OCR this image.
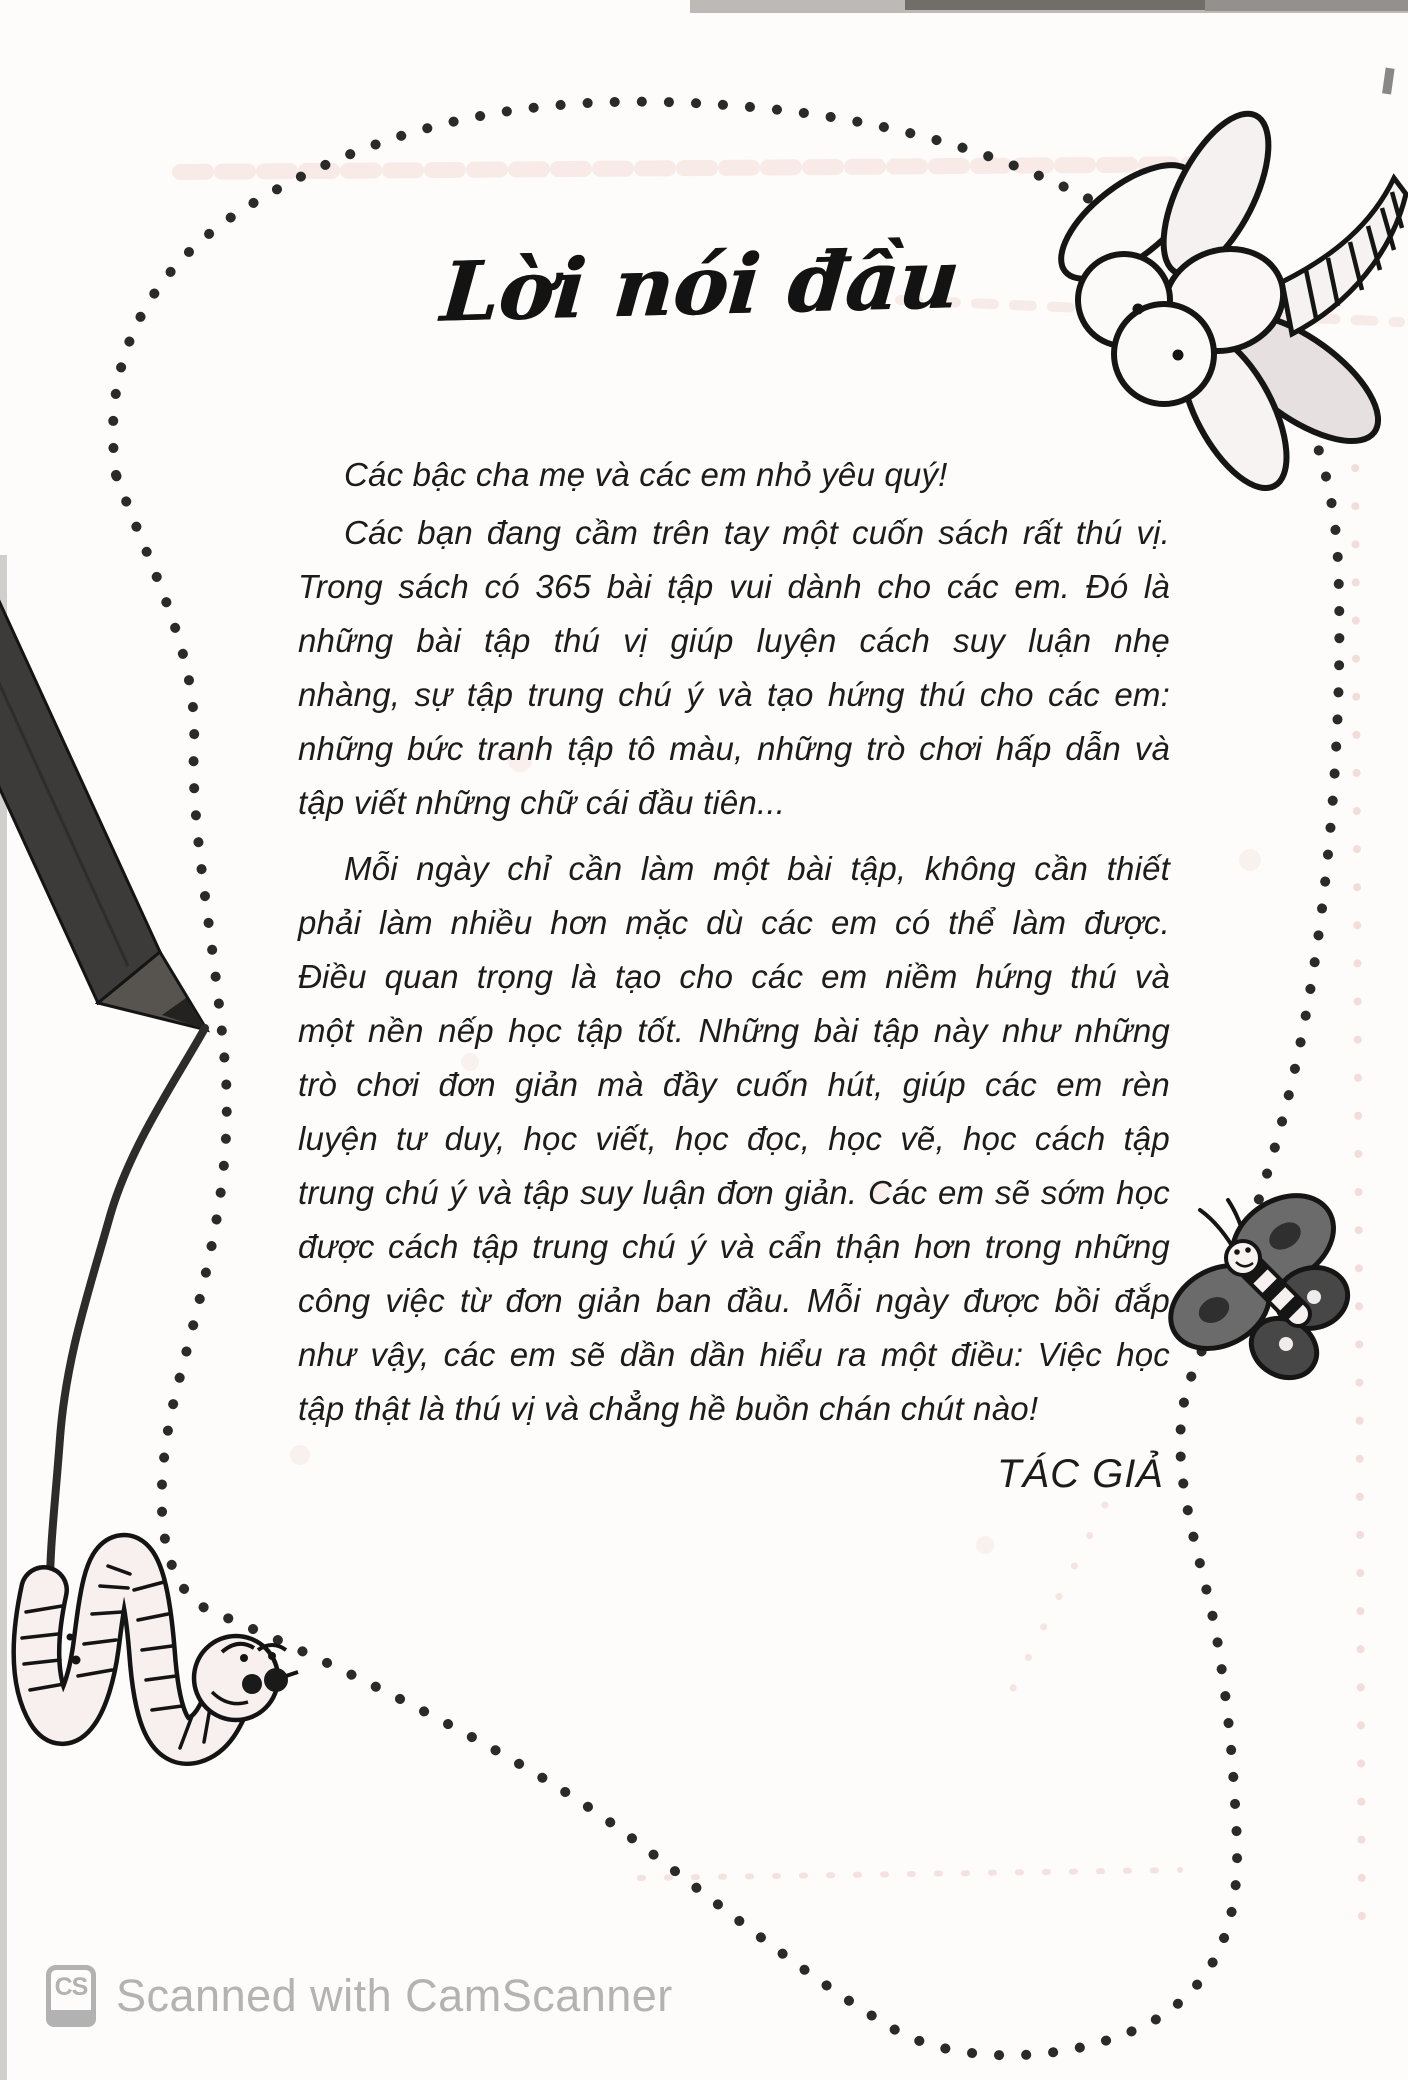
Lời nói đầu
Các bậc cha mẹ và các em nhỏ yêu quý!
Các bạn đang cầm trên tay một cuốn sách rất thú vị.
Trong sách có 365 bài tập vui dành cho các em. Đó là
những bài tập thú vị giúp luyện cách suy luận nhẹ
nhàng, sự tập trung chú ý và tạo hứng thú cho các em:
những bức tranh tập tô màu, những trò chơi hấp dẫn và
tập viết những chữ cái đầu tiên...
Mỗi ngày chỉ cần làm một bài tập, không cần thiết
phải làm nhiều hơn mặc dù các em có thể làm được.
Điều quan trọng là tạo cho các em niềm hứng thú và
một nền nếp học tập tốt. Những bài tập này như những
trò chơi đơn giản mà đầy cuốn hút, giúp các em rèn
luyện tư duy, học viết, học đọc, học vẽ, học cách tập
trung chú ý và tập suy luận đơn giản. Các em sẽ sớm học
được cách tập trung chú ý và cẩn thận hơn trong những
công việc từ đơn giản ban đầu. Mỗi ngày được bồi đắp
như vậy, các em sẽ dần dần hiểu ra một điều: Việc học
tập thật là thú vị và chẳng hề buồn chán chút nào!
TÁC GIẢ
CS Scanned with CamScanner
